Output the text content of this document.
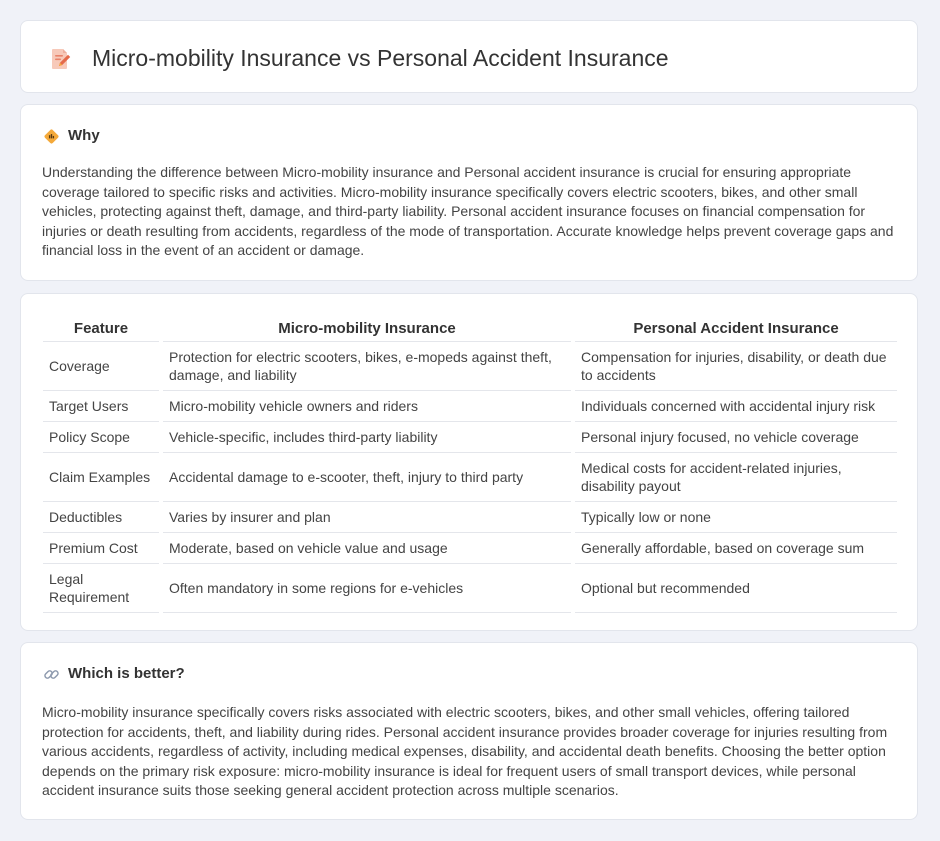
Micro-mobility Insurance vs Personal Accident Insurance
Why

Understanding the difference between Micro-mobility insurance and Personal accident insurance is crucial for ensuring appropriate coverage tailored to specific risks and activities. Micro-mobility insurance specifically covers electric scooters, bikes, and other small vehicles, protecting against theft, damage, and third-party liability. Personal accident insurance focuses on financial compensation for injuries or death resulting from accidents, regardless of the mode of transportation. Accurate knowledge helps prevent coverage gaps and financial loss in the event of an accident or damage.

Feature	Micro-mobility Insurance	Personal Accident Insurance
Coverage	Protection for electric scooters, bikes, e-mopeds against theft, damage, and liability	Compensation for injuries, disability, or death due to accidents
Target Users	Micro-mobility vehicle owners and riders	Individuals concerned with accidental injury risk
Policy Scope	Vehicle-specific, includes third-party liability	Personal injury focused, no vehicle coverage
Claim Examples	Accidental damage to e-scooter, theft, injury to third party	Medical costs for accident-related injuries, disability payout
Deductibles	Varies by insurer and plan	Typically low or none
Premium Cost	Moderate, based on vehicle value and usage	Generally affordable, based on coverage sum
Legal Requirement	Often mandatory in some regions for e-vehicles	Optional but recommended
Which is better?

Micro-mobility insurance specifically covers risks associated with electric scooters, bikes, and other small vehicles, offering tailored protection for accidents, theft, and liability during rides. Personal accident insurance provides broader coverage for injuries resulting from various accidents, regardless of activity, including medical expenses, disability, and accidental death benefits. Choosing the better option depends on the primary risk exposure: micro-mobility insurance is ideal for frequent users of small transport devices, while personal accident insurance suits those seeking general accident protection across multiple scenarios.
